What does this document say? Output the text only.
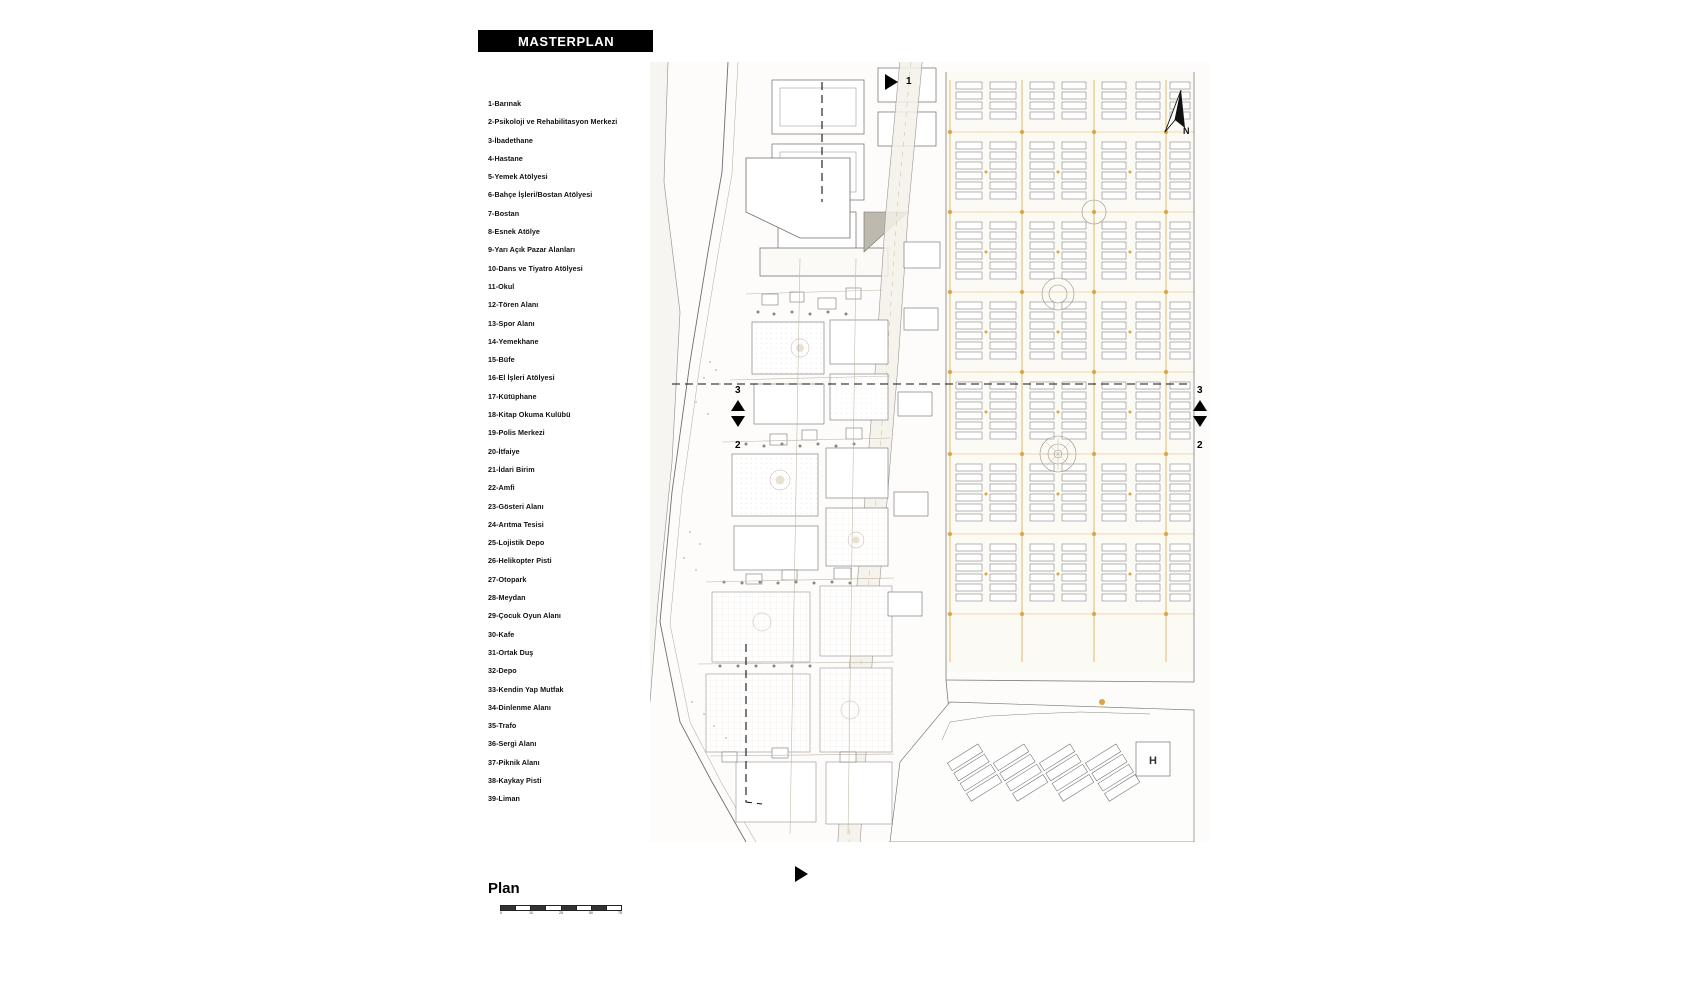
MASTERPLAN
1-Barınak
2-Psikoloji ve Rehabilitasyon Merkezi
3-İbadethane
4-Hastane
5-Yemek Atölyesi
6-Bahçe İşleri/Bostan Atölyesi
7-Bostan
8-Esnek Atölye
9-Yarı Açık Pazar Alanları
10-Dans ve Tiyatro Atölyesi
11-Okul
12-Tören Alanı
13-Spor Alanı
14-Yemekhane
15-Büfe
16-El İşleri Atölyesi
17-Kütüphane
18-Kitap Okuma Kulübü
19-Polis Merkezi
20-İtfaiye
21-İdari Birim
22-Amfi
23-Gösteri Alanı
24-Arıtma Tesisi
25-Lojistik Depo
26-Helikopter Pisti
27-Otopark
28-Meydan
29-Çocuk Oyun Alanı
30-Kafe
31-Ortak Duş
32-Depo
33-Kendin Yap Mutfak
34-Dinlenme Alanı
35-Trafo
36-Sergi Alanı
37-Piknik Alanı
38-Kaykay Pisti
39-Liman
Plan
0	10	25	50	75
H
1
3
2
3
2
N
